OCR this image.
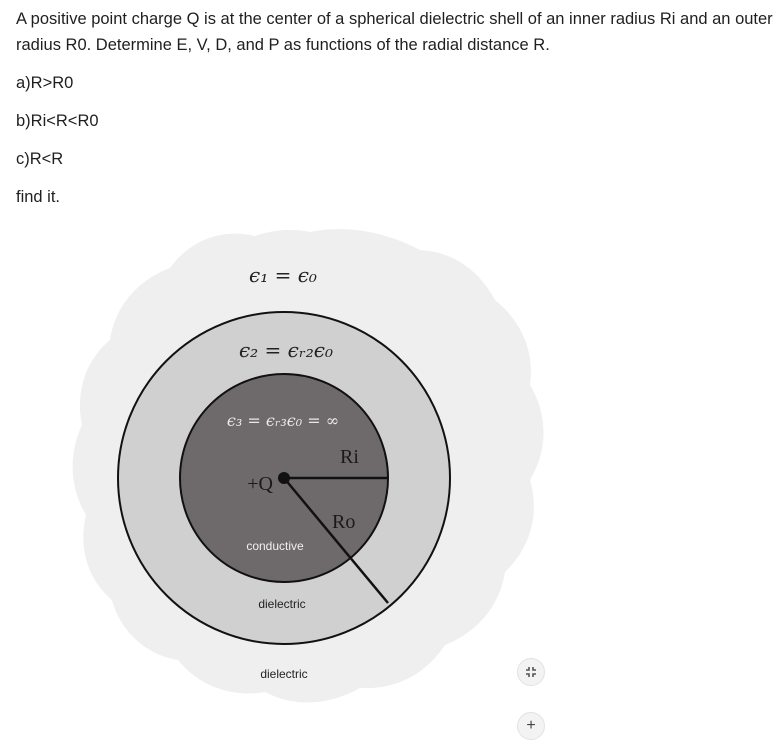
A positive point charge Q is at the center of a spherical dielectric shell of an inner radius Ri and an outer radius R0. Determine E, V, D, and P as functions of the radial distance R.

a)R>R0

b)Ri<R<R0

c)R<R

find it.

ϵ₁ = ϵ₀
ϵ₂ = ϵᵣ₂ϵ₀
ϵ₃ = ϵᵣ₃ϵ₀ = ∞
Ri
+Q
Ro
conductive
dielectric
dielectric
+
